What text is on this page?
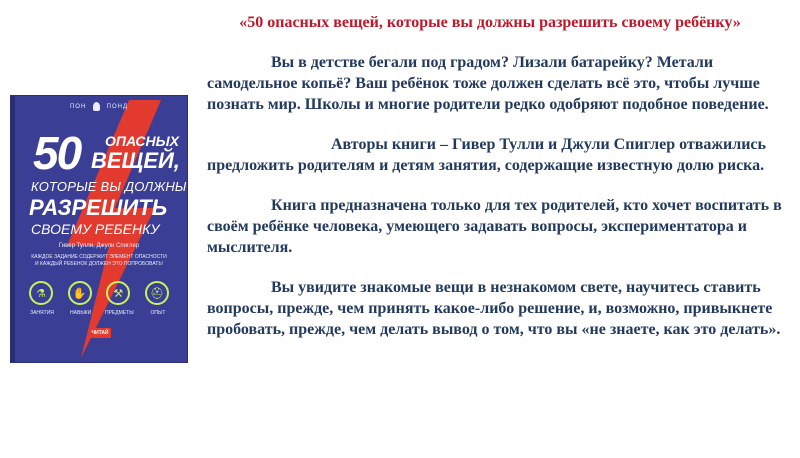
«50 опасных вещей, которые вы должны разрешить своему ребёнку»
ПОН	ПОНД
50 ОПАСНЫХ
ВЕЩЕЙ,
КОТОРЫЕ ВЫ ДОЛЖНЫ
РАЗРЕШИТЬ
СВОЕМУ РЕБЕНКУ
Гивер Тулли, Джули Спиглер
КАЖДОЕ ЗАДАНИЕ СОДЕРЖИТ ЭЛЕМЕНТ ОПАСНОСТИ И КАЖДЫЙ РЕБЕНОК ДОЛЖЕН ЭТО ПОПРОБОВАТЬ!
⚗	✋	⚒	⛑
ЗАНЯТИЯ	НАВЫКИ	ПРЕДМЕТЫ	ОПЫТ
ЧИТАЙ

Вы в детстве бегали под градом? Лизали батарейку? Метали самодельное копьё? Ваш ребёнок тоже должен сделать всё это, чтобы лучше познать мир. Школы и многие родители редко одобряют подобное поведение.

Авторы книги – Гивер Тулли и Джули Спиглер отважились предложить родителям и детям занятия, содержащие известную долю риска.

Книга предназначена только для тех родителей, кто хочет воспитать в своём ребёнке человека, умеющего задавать вопросы, экспериментатора и мыслителя.

Вы увидите знакомые вещи в незнакомом свете, научитесь ставить вопросы, прежде, чем принять какое-либо решение, и, возможно, привыкнете пробовать, прежде, чем делать вывод о том, что вы «не знаете, как это делать».
